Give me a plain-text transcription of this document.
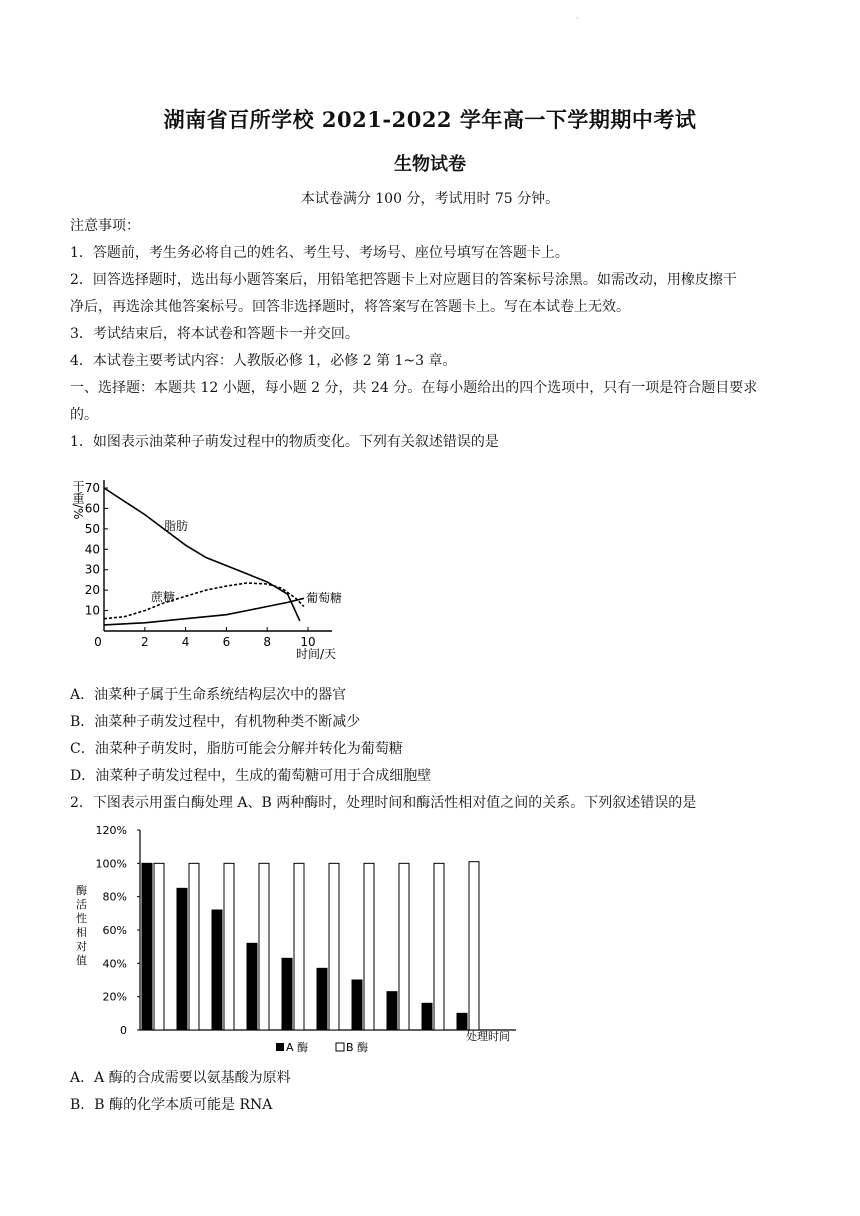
·
湖南省百所学校 2021-2022 学年高一下学期期中考试
生物试卷
本试卷满分 100 分，考试用时 75 分钟。
注意事项：
1．答题前，考生务必将自己的姓名、考生号、考场号、座位号填写在答题卡上。
2．回答选择题时，选出每小题答案后，用铅笔把答题卡上对应题目的答案标号涂黑。如需改动，用橡皮擦干
净后，再选涂其他答案标号。回答非选择题时，将答案写在答题卡上。写在本试卷上无效。
3．考试结束后，将本试卷和答题卡一并交回。
4．本试卷主要考试内容：人教版必修 1，必修 2 第 1~3 章。
一、选择题：本题共 12 小题，每小题 2 分，共 24 分。在每小题给出的四个选项中，只有一项是符合题目要求
的。
1．如图表示油菜种子萌发过程中的物质变化。下列有关叙述错误的是
10
20
30
40
50
60
70
0	2	4	6	8 10
干重/%
时间/天
脂肪
蔗糖	葡萄糖
A．油菜种子属于生命系统结构层次中的器官
B．油菜种子萌发过程中，有机物种类不断减少
C．油菜种子萌发时，脂肪可能会分解并转化为葡萄糖
D．油菜种子萌发过程中，生成的葡萄糖可用于合成细胞壁
2．下图表示用蛋白酶处理 A、B 两种酶时，处理时间和酶活性相对值之间的关系。下列叙述错误的是
0
20%
40%
60%
80%
100%
120%
酶活性相对值
处理时间
A 酶	B 酶
A．A 酶的合成需要以氨基酸为原料
B．B 酶的化学本质可能是 RNA
